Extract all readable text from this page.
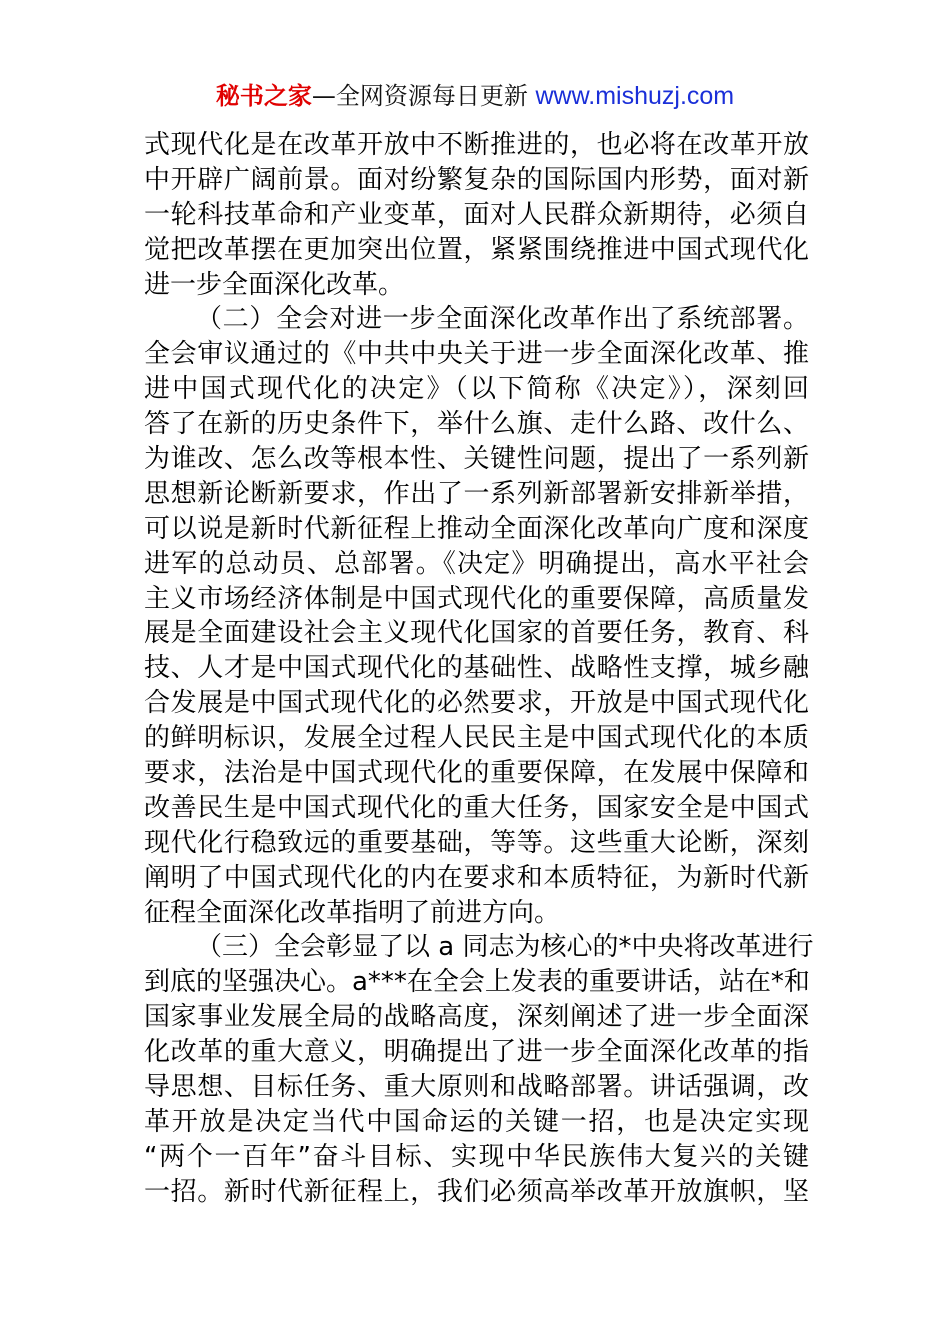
秘书之家—全网资源每日更新 www.mishuzj.com
式现代化是在改革开放中不断推进的，也必将在改革开放
中开辟广阔前景。面对纷繁复杂的国际国内形势，面对新
一轮科技革命和产业变革，面对人民群众新期待，必须自
觉把改革摆在更加突出位置，紧紧围绕推进中国式现代化
进一步全面深化改革。
（二）全会对进一步全面深化改革作出了系统部署。
全会审议通过的《中共中央关于进一步全面深化改革、推
进中国式现代化的决定》（以下简称《决定》），深刻回
答了在新的历史条件下，举什么旗、走什么路、改什么、
为谁改、怎么改等根本性、关键性问题，提出了一系列新
思想新论断新要求，作出了一系列新部署新安排新举措，
可以说是新时代新征程上推动全面深化改革向广度和深度
进军的总动员、总部署。《决定》明确提出，高水平社会
主义市场经济体制是中国式现代化的重要保障，高质量发
展是全面建设社会主义现代化国家的首要任务，教育、科
技、人才是中国式现代化的基础性、战略性支撑，城乡融
合发展是中国式现代化的必然要求，开放是中国式现代化
的鲜明标识，发展全过程人民民主是中国式现代化的本质
要求，法治是中国式现代化的重要保障，在发展中保障和
改善民生是中国式现代化的重大任务，国家安全是中国式
现代化行稳致远的重要基础，等等。这些重大论断，深刻
阐明了中国式现代化的内在要求和本质特征，为新时代新
征程全面深化改革指明了前进方向。
（三）全会彰显了以 a 同志为核心的*中央将改革进行
到底的坚强决心。a***在全会上发表的重要讲话，站在*和
国家事业发展全局的战略高度，深刻阐述了进一步全面深
化改革的重大意义，明确提出了进一步全面深化改革的指
导思想、目标任务、重大原则和战略部署。讲话强调，改
革开放是决定当代中国命运的关键一招，也是决定实现
“两个一百年”奋斗目标、实现中华民族伟大复兴的关键
一招。新时代新征程上，我们必须高举改革开放旗帜，坚
